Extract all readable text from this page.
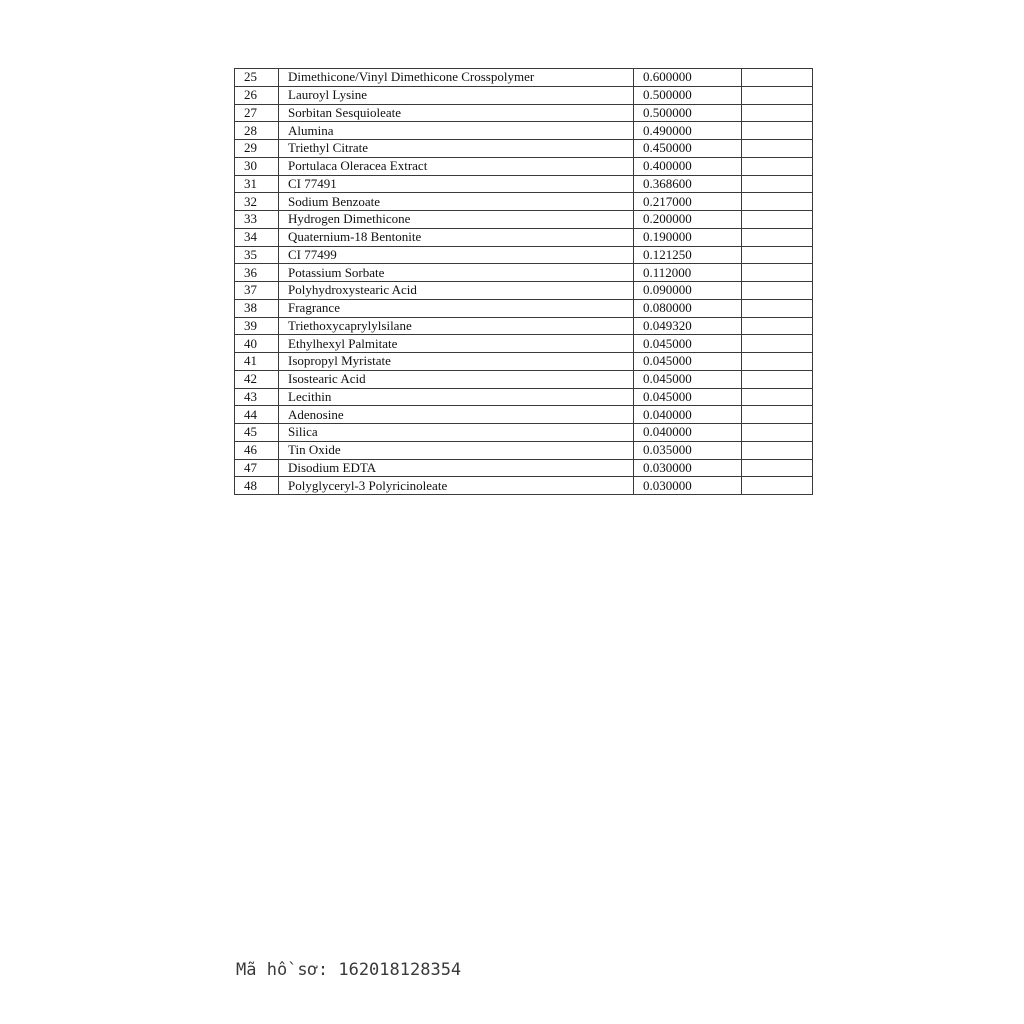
25	Dimethicone/Vinyl Dimethicone Crosspolymer	0.600000	
26	Lauroyl Lysine	0.500000	
27	Sorbitan Sesquioleate	0.500000	
28	Alumina	0.490000	
29	Triethyl Citrate	0.450000	
30	Portulaca Oleracea Extract	0.400000	
31	CI 77491	0.368600	
32	Sodium Benzoate	0.217000	
33	Hydrogen Dimethicone	0.200000	
34	Quaternium-18 Bentonite	0.190000	
35	CI 77499	0.121250	
36	Potassium Sorbate	0.112000	
37	Polyhydroxystearic Acid	0.090000	
38	Fragrance	0.080000	
39	Triethoxycaprylylsilane	0.049320	
40	Ethylhexyl Palmitate	0.045000	
41	Isopropyl Myristate	0.045000	
42	Isostearic Acid	0.045000	
43	Lecithin	0.045000	
44	Adenosine	0.040000	
45	Silica	0.040000	
46	Tin Oxide	0.035000	
47	Disodium EDTA	0.030000	
48	Polyglyceryl-3 Polyricinoleate	0.030000	
Mã hồ sơ: 162018128354
